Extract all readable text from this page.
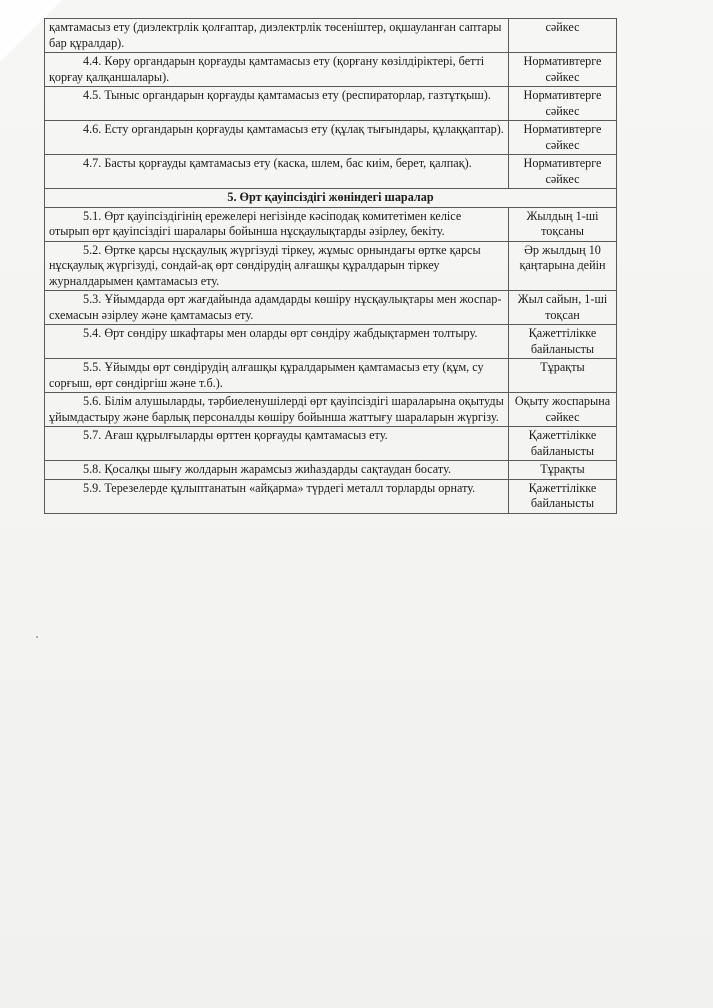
қамтамасыз ету (диэлектрлік қолғаптар, диэлектрлік төсеніштер, оқшауланған саптары бар құралдар).	сәйкес
4.4. Көру органдарын қорғауды қамтамасыз ету (қорғану көзілдіріктері, бетті қорғау қалқаншалары).	Нормативтерге сәйкес
4.5. Тыныс органдарын қорғауды қамтамасыз ету (респираторлар, газтұтқыш).	Нормативтерге сәйкес
4.6. Есту органдарын қорғауды қамтамасыз ету (құлақ тығындары, құлаққаптар).	Нормативтерге сәйкес
4.7. Басты қорғауды қамтамасыз ету (каска, шлем, бас киім, берет, қалпақ).	Нормативтерге сәйкес
5. Өрт қауіпсіздігі жөніндегі шаралар	
5.1. Өрт қауіпсіздігінің ережелері негізінде кәсіподақ комитетімен келісе отырып өрт қауіпсіздігі шаралары бойынша нұсқаулықтарды әзірлеу, бекіту.	Жылдың 1-ші тоқсаны
5.2. Өртке қарсы нұсқаулық жүргізуді тіркеу, жұмыс орнындағы өртке қарсы нұсқаулық жүргізуді, сондай-ақ өрт сөндірудің алғашқы құралдарын тіркеу журналдарымен қамтамасыз ету.	Әр жылдың 10 қаңтарына дейін
5.3. Ұйымдарда өрт жағдайында адамдарды көшіру нұсқаулықтары мен жоспар-схемасын әзірлеу және қамтамасыз ету.	Жыл сайын, 1-ші тоқсан
5.4. Өрт сөндіру шкафтары мен оларды өрт сөндіру жабдықтармен толтыру.	Қажеттілікке байланысты
5.5. Ұйымды өрт сөндірудің алғашқы құралдарымен қамтамасыз ету (құм, су сорғыш, өрт сөндіргіш және т.б.).	Тұрақты
5.6. Білім алушыларды, тәрбиеленушілерді өрт қауіпсіздігі шараларына оқытуды ұйымдастыру және барлық персоналды көшіру бойынша жаттығу шараларын жүргізу.	Оқыту жоспарына сәйкес
5.7. Ағаш құрылғыларды өрттен қорғауды қамтамасыз ету.	Қажеттілікке байланысты
5.8. Қосалқы шығу жолдарын жарамсыз жиһаздарды сақтаудан босату.	Тұрақты
5.9. Терезелерде құлыптанатын «айқарма» түрдегі металл торларды орнату.	Қажеттілікке байланысты
